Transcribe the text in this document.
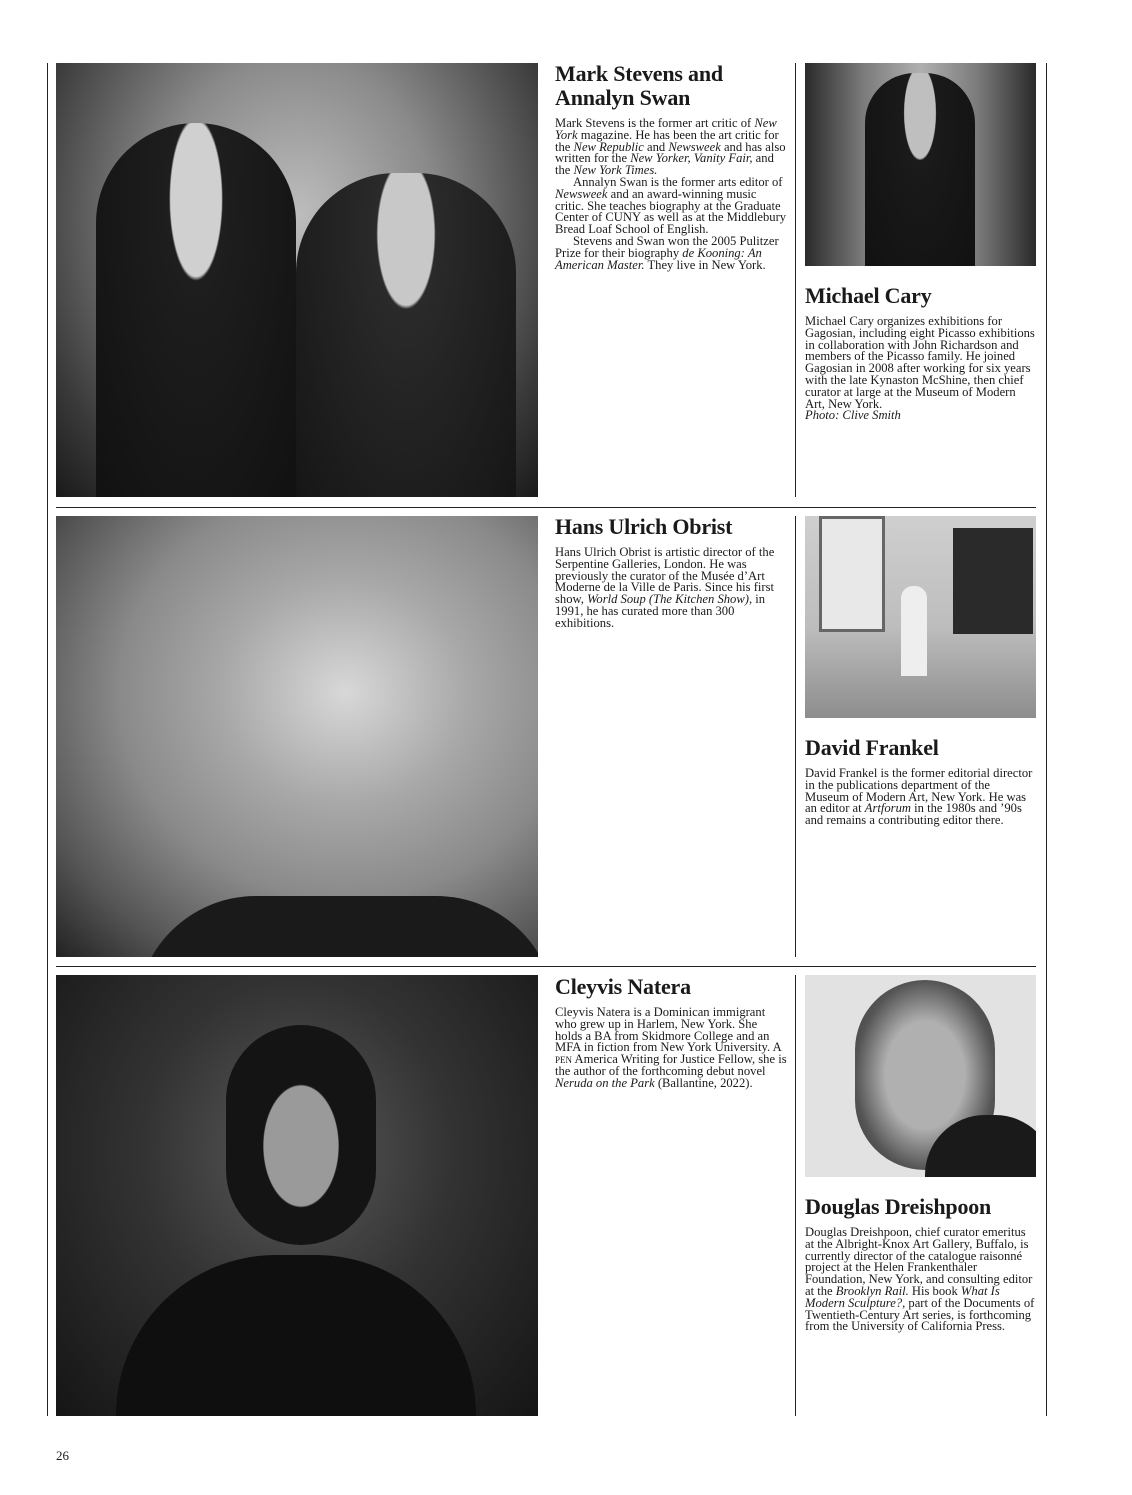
Mark Stevens and Annalyn Swan

Mark Stevens is the former art critic of New York magazine. He has been the art critic for the New Republic and Newsweek and has also written for the New Yorker, Vanity Fair, and the New York Times.

Annalyn Swan is the former arts editor of Newsweek and an award-winning music critic. She teaches biography at the Graduate Center of CUNY as well as at the Middlebury Bread Loaf School of English.

Stevens and Swan won the 2005 Pulitzer Prize for their biography de Kooning: An American Master. They live in New York.

Michael Cary

Michael Cary organizes exhibitions for Gagosian, including eight Picasso exhibitions in collaboration with John Richardson and members of the Picasso family. He joined Gagosian in 2008 after working for six years with the late Kynaston McShine, then chief curator at large at the Museum of Modern Art, New York.

Photo: Clive Smith

Hans Ulrich Obrist

Hans Ulrich Obrist is artistic director of the Serpentine Galleries, London. He was previously the curator of the Musée d’Art Moderne de la Ville de Paris. Since his first show, World Soup (The Kitchen Show), in 1991, he has curated more than 300 exhibitions.

David Frankel

David Frankel is the former editorial director in the publications department of the Museum of Modern Art, New York. He was an editor at Artforum in the 1980s and ’90s and remains a contributing editor there.

Cleyvis Natera

Cleyvis Natera is a Dominican immigrant who grew up in Harlem, New York. She holds a BA from Skidmore College and an MFA in fiction from New York University. A pen America Writing for Justice Fellow, she is the author of the forthcoming debut novel Neruda on the Park (Ballantine, 2022).

Douglas Dreishpoon

Douglas Dreishpoon, chief curator emeritus at the Albright-Knox Art Gallery, Buffalo, is currently director of the catalogue raisonné project at the Helen Frankenthaler Foundation, New York, and consulting editor at the Brooklyn Rail. His book What Is Modern Sculpture?, part of the Documents of Twentieth-Century Art series, is forthcoming from the University of California Press.

26
